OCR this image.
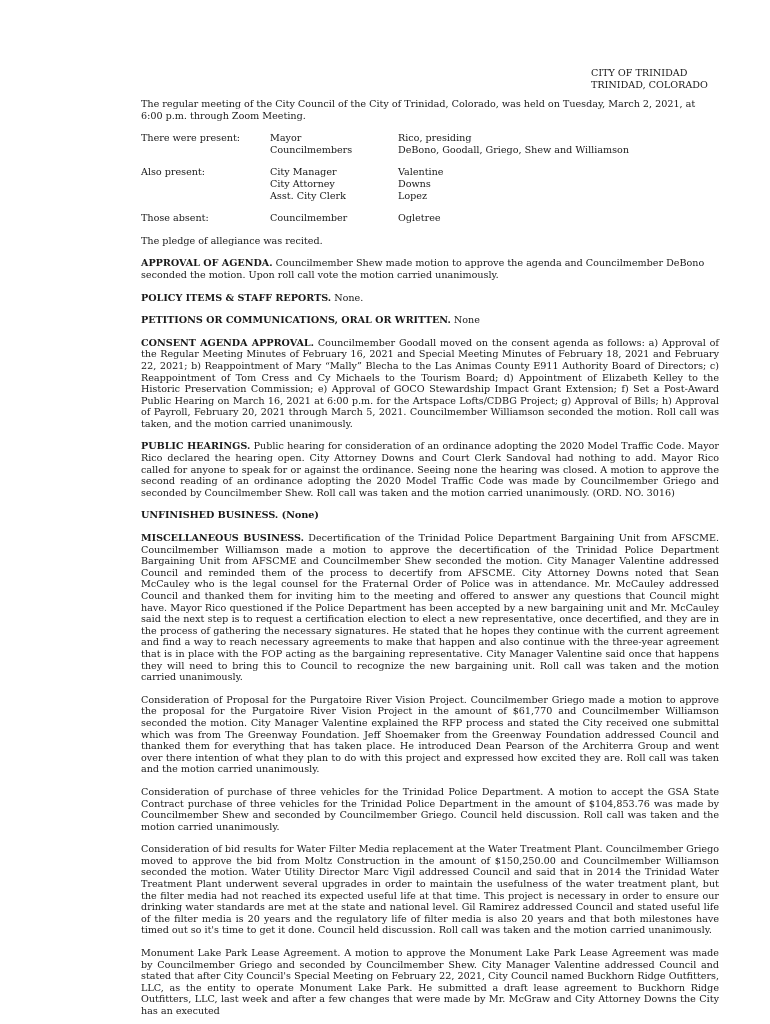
CITY OF TRINIDAD
TRINIDAD, COLORADO

The regular meeting of the City Council of the City of Trinidad, Colorado, was held on Tuesday, March 2, 2021, at 6:00 p.m. through Zoom Meeting.

There were present:	Mayor	Rico, presiding
Councilmembers	DeBono, Goodall, Griego, Shew and Williamson
Also present:	City Manager	Valentine
City Attorney	Downs
Asst. City Clerk	Lopez
Those absent:	Councilmember	Ogletree

The pledge of allegiance was recited.

APPROVAL OF AGENDA. Councilmember Shew made motion to approve the agenda and Councilmember DeBono seconded the motion. Upon roll call vote the motion carried unanimously.

POLICY ITEMS & STAFF REPORTS. None.

PETITIONS OR COMMUNICATIONS, ORAL OR WRITTEN. None

CONSENT AGENDA APPROVAL. Councilmember Goodall moved on the consent agenda as follows: a) Approval of the Regular Meeting Minutes of February 16, 2021 and Special Meeting Minutes of February 18, 2021 and February 22, 2021; b) Reappointment of Mary “Mally” Blecha to the Las Animas County E911 Authority Board of Directors; c) Reappointment of Tom Cress and Cy Michaels to the Tourism Board; d) Appointment of Elizabeth Kelley to the Historic Preservation Commission; e) Approval of GOCO Stewardship Impact Grant Extension; f) Set a Post-Award Public Hearing on March 16, 2021 at 6:00 p.m. for the Artspace Lofts/CDBG Project; g) Approval of Bills; h) Approval of Payroll, February 20, 2021 through March 5, 2021. Councilmember Williamson seconded the motion. Roll call was taken, and the motion carried unanimously.

PUBLIC HEARINGS. Public hearing for consideration of an ordinance adopting the 2020 Model Traffic Code. Mayor Rico declared the hearing open. City Attorney Downs and Court Clerk Sandoval had nothing to add. Mayor Rico called for anyone to speak for or against the ordinance. Seeing none the hearing was closed. A motion to approve the second reading of an ordinance adopting the 2020 Model Traffic Code was made by Councilmember Griego and seconded by Councilmember Shew. Roll call was taken and the motion carried unanimously. (ORD. NO. 3016)

UNFINISHED BUSINESS. (None)

MISCELLANEOUS BUSINESS. Decertification of the Trinidad Police Department Bargaining Unit from AFSCME. Councilmember Williamson made a motion to approve the decertification of the Trinidad Police Department Bargaining Unit from AFSCME and Councilmember Shew seconded the motion. City Manager Valentine addressed Council and reminded them of the process to decertify from AFSCME. City Attorney Downs noted that Sean McCauley who is the legal counsel for the Fraternal Order of Police was in attendance. Mr. McCauley addressed Council and thanked them for inviting him to the meeting and offered to answer any questions that Council might have. Mayor Rico questioned if the Police Department has been accepted by a new bargaining unit and Mr. McCauley said the next step is to request a certification election to elect a new representative, once decertified, and they are in the process of gathering the necessary signatures. He stated that he hopes they continue with the current agreement and find a way to reach necessary agreements to make that happen and also continue with the three-year agreement that is in place with the FOP acting as the bargaining representative. City Manager Valentine said once that happens they will need to bring this to Council to recognize the new bargaining unit. Roll call was taken and the motion carried unanimously.

Consideration of Proposal for the Purgatoire River Vision Project. Councilmember Griego made a motion to approve the proposal for the Purgatoire River Vision Project in the amount of $61,770 and Councilmember Williamson seconded the motion. City Manager Valentine explained the RFP process and stated the City received one submittal which was from The Greenway Foundation. Jeff Shoemaker from the Greenway Foundation addressed Council and thanked them for everything that has taken place. He introduced Dean Pearson of the Architerra Group and went over there intention of what they plan to do with this project and expressed how excited they are. Roll call was taken and the motion carried unanimously.

Consideration of purchase of three vehicles for the Trinidad Police Department. A motion to accept the GSA State Contract purchase of three vehicles for the Trinidad Police Department in the amount of $104,853.76 was made by Councilmember Shew and seconded by Councilmember Griego. Council held discussion. Roll call was taken and the motion carried unanimously.

Consideration of bid results for Water Filter Media replacement at the Water Treatment Plant. Councilmember Griego moved to approve the bid from Moltz Construction in the amount of $150,250.00 and Councilmember Williamson seconded the motion. Water Utility Director Marc Vigil addressed Council and said that in 2014 the Trinidad Water Treatment Plant underwent several upgrades in order to maintain the usefulness of the water treatment plant, but the filter media had not reached its expected useful life at that time. This project is necessary in order to ensure our drinking water standards are met at the state and national level. Gil Ramirez addressed Council and stated useful life of the filter media is 20 years and the regulatory life of filter media is also 20 years and that both milestones have timed out so it's time to get it done. Council held discussion. Roll call was taken and the motion carried unanimously.

Monument Lake Park Lease Agreement. A motion to approve the Monument Lake Park Lease Agreement was made by Councilmember Griego and seconded by Councilmember Shew. City Manager Valentine addressed Council and stated that after City Council's Special Meeting on February 22, 2021, City Council named Buckhorn Ridge Outfitters, LLC, as the entity to operate Monument Lake Park. He submitted a draft lease agreement to Buckhorn Ridge Outfitters, LLC, last week and after a few changes that were made by Mr. McGraw and City Attorney Downs the City has an executed
